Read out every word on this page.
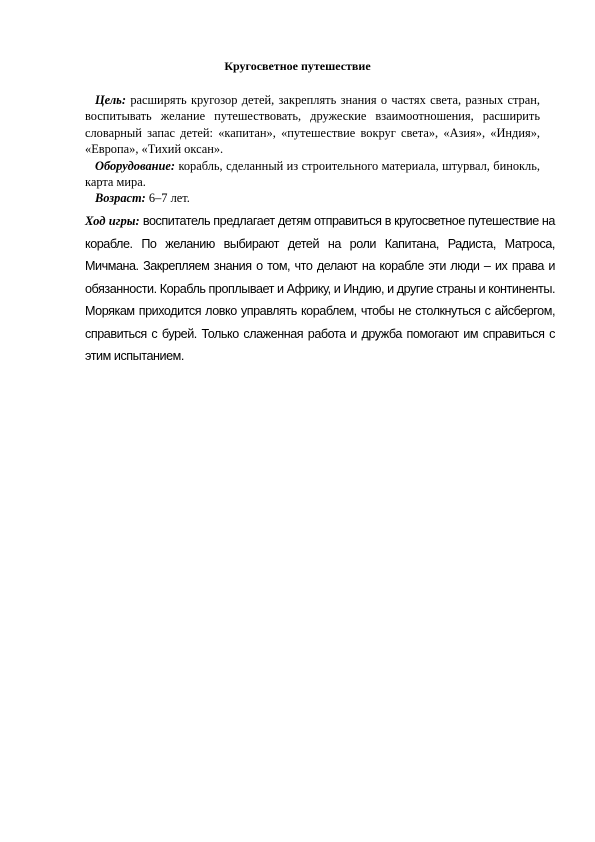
Кругосветное путешествие
Цель: расширять кругозор детей, закреплять знания о частях света, разных стран, воспитывать желание путешествовать, дружеские взаимоотношения, расширить словарный запас детей: «капитан», «путешествие вокруг света», «Азия», «Индия», «Европа», «Тихий оксан».
Оборудование: корабль, сделанный из строительного материала, штурвал, бинокль, карта мира.
Возраст: 6–7 лет.
Ход игры: воспитатель предлагает детям отправиться в кругосветное путешествие на корабле. По желанию выбирают детей на роли Капитана, Радиста, Матроса, Мичмана. Закрепляем знания о том, что делают на корабле эти люди – их права и обязанности. Корабль проплывает и Африку, и Индию, и другие страны и континенты. Морякам приходится ловко управлять кораблем, чтобы не столкнуться с айсбергом, справиться с бурей. Только слаженная работа и дружба помогают им справиться с этим испытанием.
